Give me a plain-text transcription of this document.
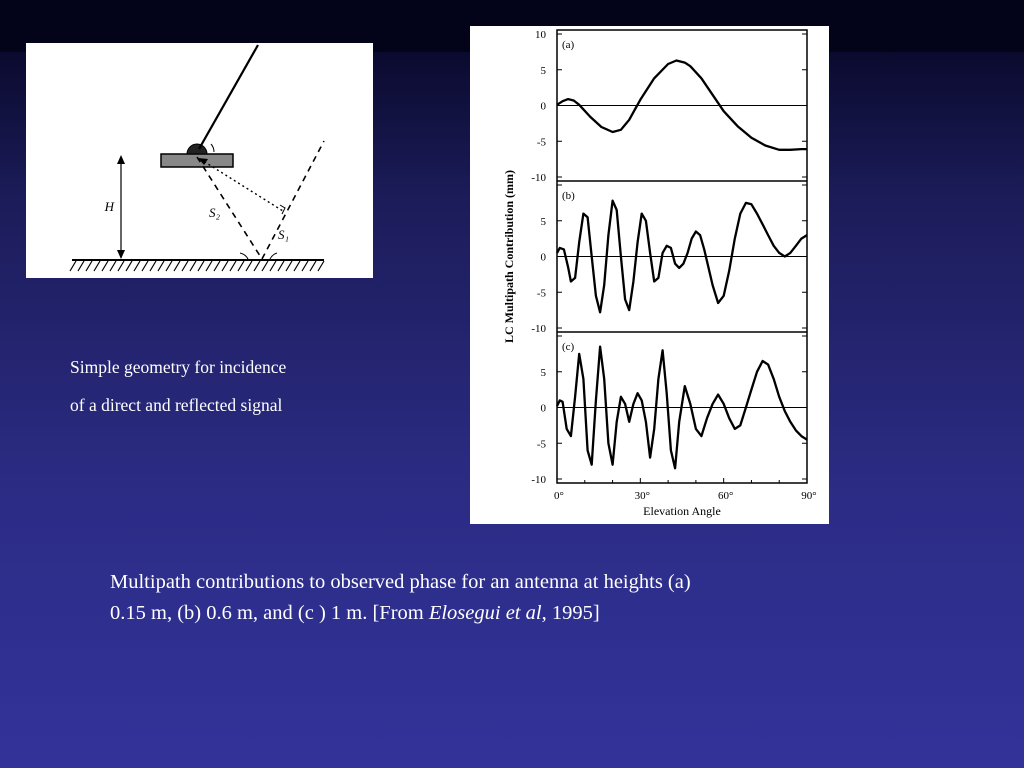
H	S₂
S₁
Simple geometry for incidence
of a direct and reflected signal
10
5
0
-5
-10
(a)
5
0
-5
-10
(b)
5
0
-5
-10
(c)
0°	30°	60°	90°
Elevation Angle
LC Multipath Contribution (mm)
Multipath contributions to observed phase for an antenna at heights (a)
0.15 m, (b) 0.6 m, and (c ) 1 m. [From Elosegui et al, 1995]
